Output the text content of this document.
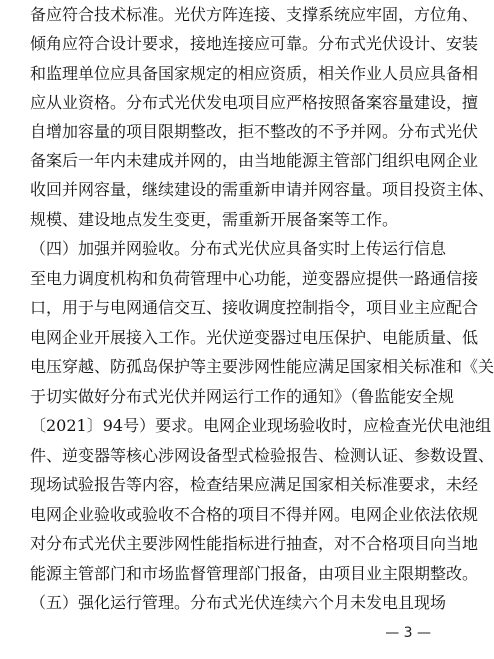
备应符合技术标准。光伏方阵连接、支撑系统应牢固，方位角、
倾角应符合设计要求，接地连接应可靠。分布式光伏设计、安装
和监理单位应具备国家规定的相应资质，相关作业人员应具备相
应从业资格。分布式光伏发电项目应严格按照备案容量建设，擅
自增加容量的项目限期整改，拒不整改的不予并网。分布式光伏
备案后一年内未建成并网的，由当地能源主管部门组织电网企业
收回并网容量，继续建设的需重新申请并网容量。项目投资主体、
规模、建设地点发生变更，需重新开展备案等工作。
（四）加强并网验收。分布式光伏应具备实时上传运行信息
至电力调度机构和负荷管理中心功能，逆变器应提供一路通信接
口，用于与电网通信交互、接收调度控制指令，项目业主应配合
电网企业开展接入工作。光伏逆变器过电压保护、电能质量、低
电压穿越、防孤岛保护等主要涉网性能应满足国家相关标准和《关
于切实做好分布式光伏并网运行工作的通知》（鲁监能安全规
〔2021〕94号）要求。电网企业现场验收时，应检查光伏电池组
件、逆变器等核心涉网设备型式检验报告、检测认证、参数设置、
现场试验报告等内容，检查结果应满足国家相关标准要求，未经
电网企业验收或验收不合格的项目不得并网。电网企业依法依规
对分布式光伏主要涉网性能指标进行抽查，对不合格项目向当地
能源主管部门和市场监督管理部门报备，由项目业主限期整改。
（五）强化运行管理。分布式光伏连续六个月未发电且现场
— 3 —
